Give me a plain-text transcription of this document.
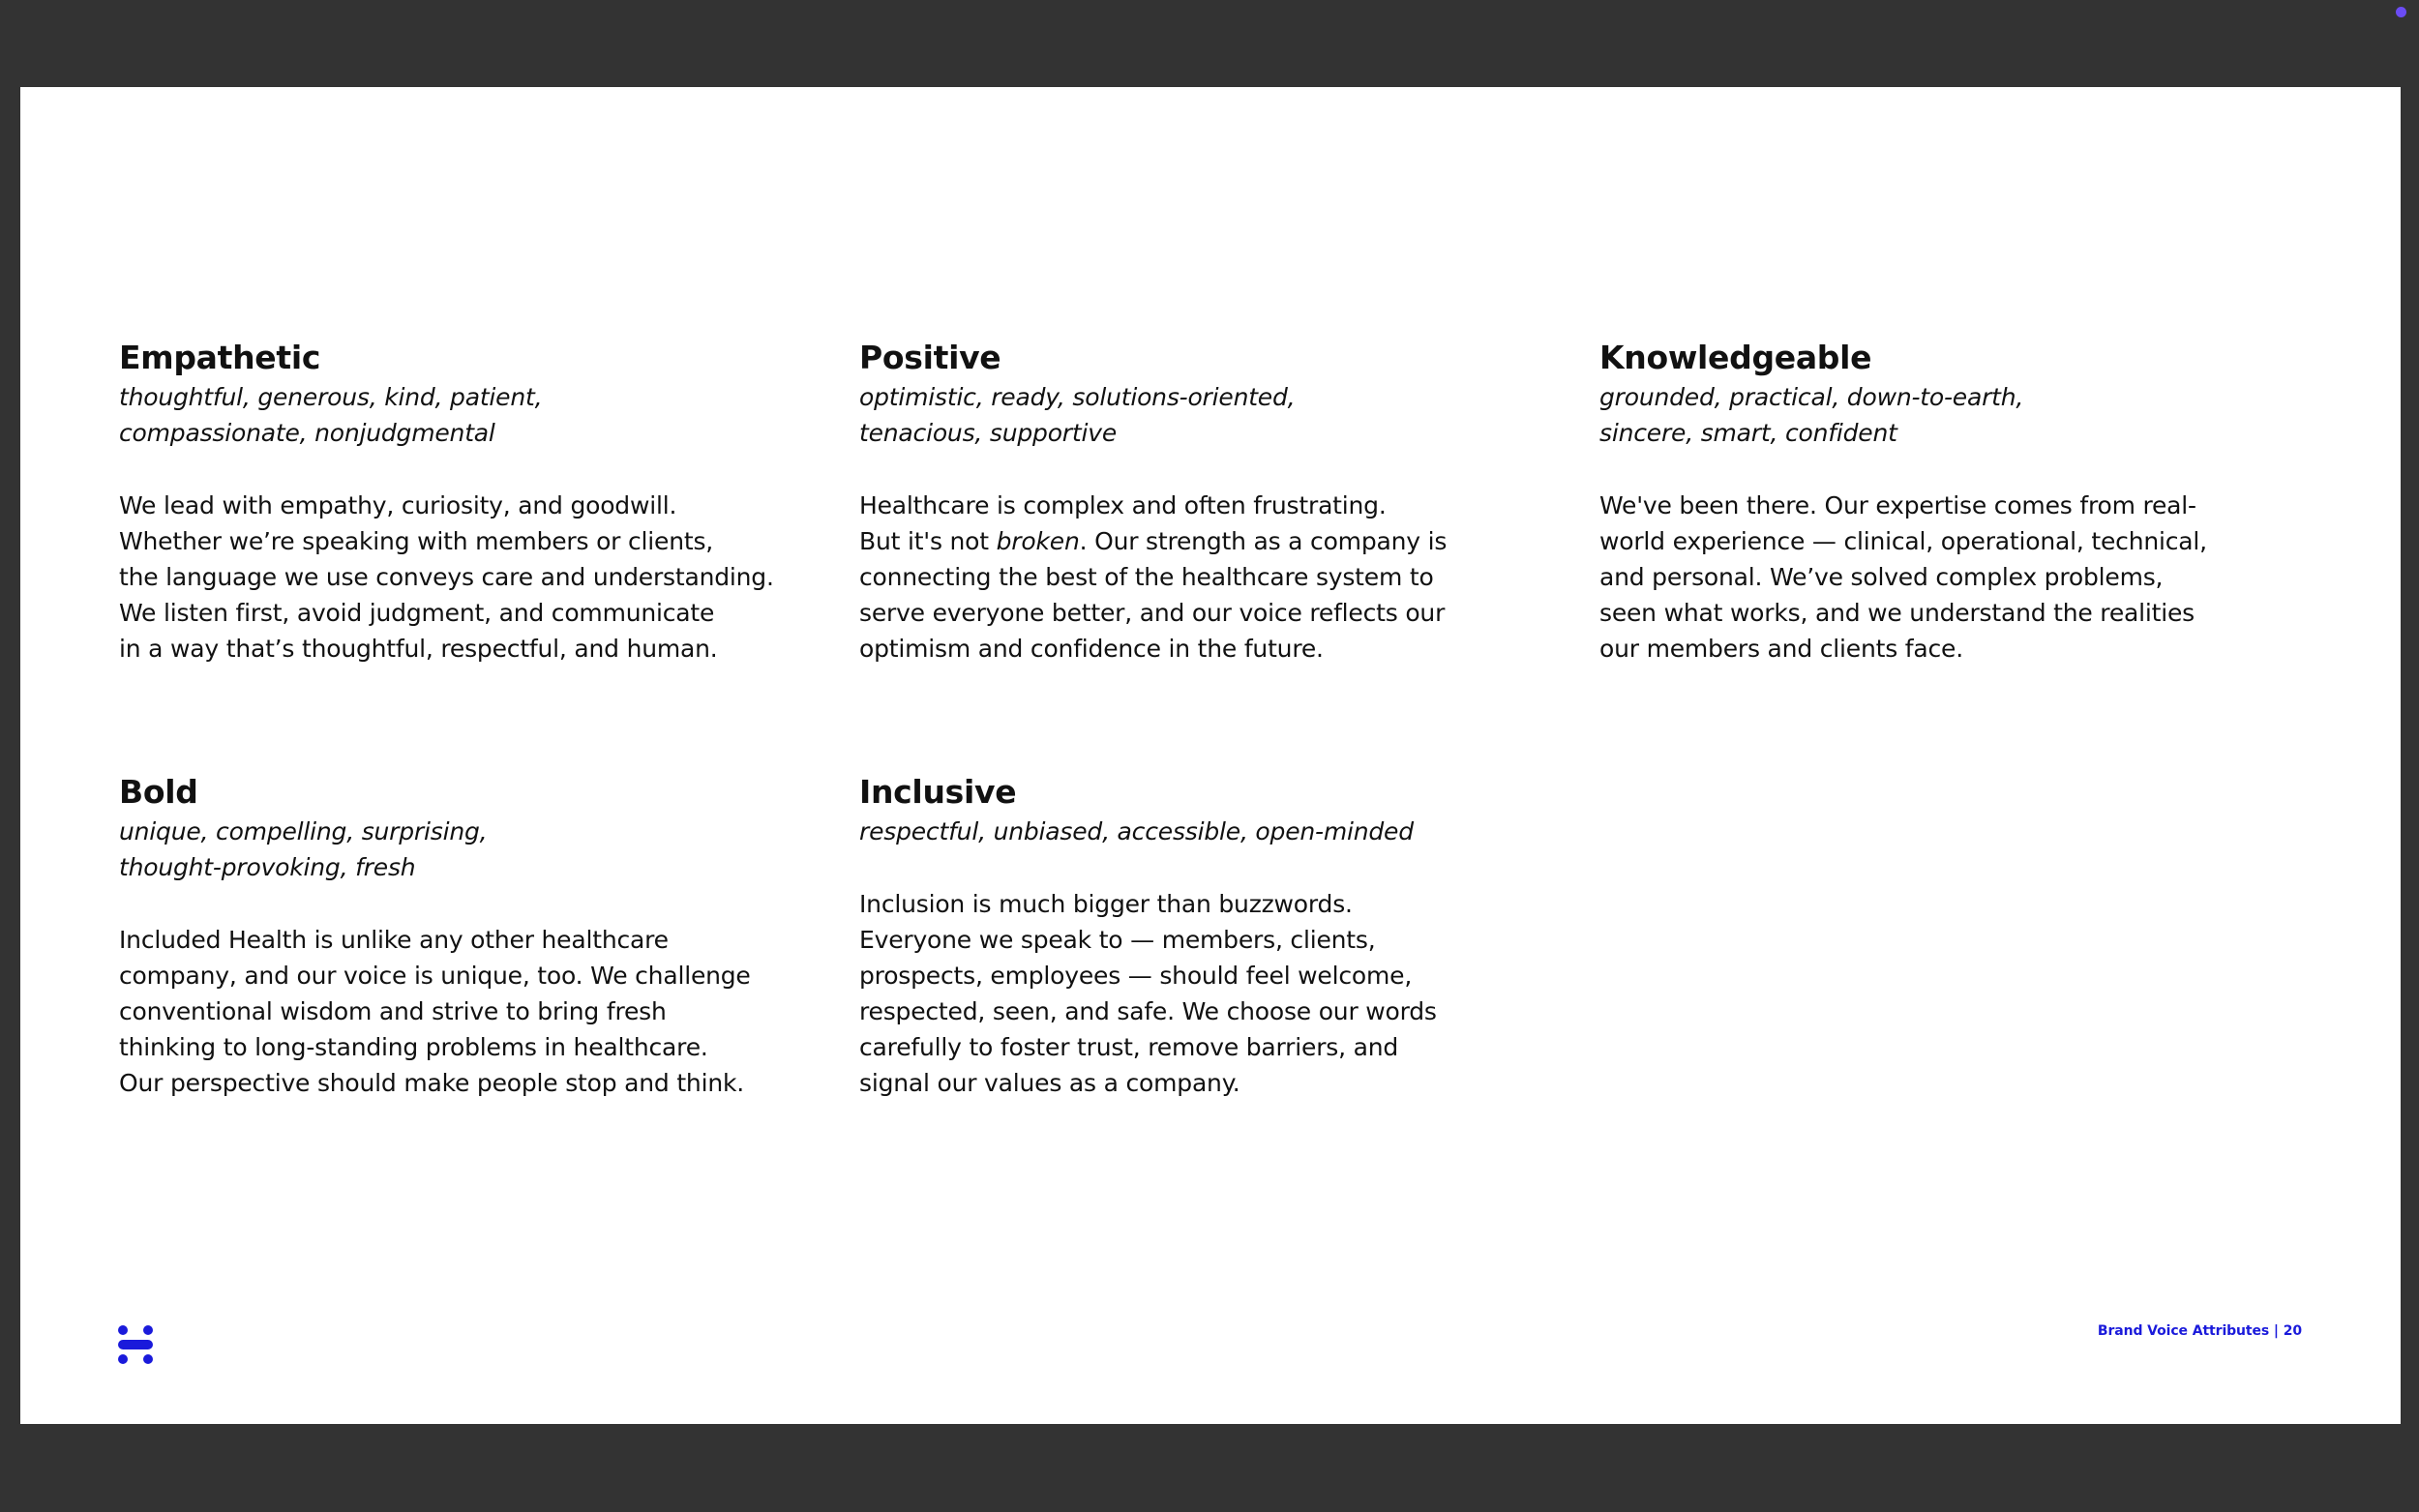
Empathetic

thoughtful, generous, kind, patient,
compassionate, nonjudgmental

We lead with empathy, curiosity, and goodwill.
Whether we’re speaking with members or clients,
the language we use conveys care and understanding.
We listen first, avoid judgment, and communicate
in a way that’s thoughtful, respectful, and human.

Positive

optimistic, ready, solutions-oriented,
tenacious, supportive

Healthcare is complex and often frustrating.
But it's not broken. Our strength as a company is
connecting the best of the healthcare system to
serve everyone better, and our voice reflects our
optimism and confidence in the future.

Knowledgeable

grounded, practical, down-to-earth,
sincere, smart, confident

We've been there. Our expertise comes from real-
world experience — clinical, operational, technical,
and personal. We’ve solved complex problems,
seen what works, and we understand the realities
our members and clients face.

Bold

unique, compelling, surprising,
thought-provoking, fresh

Included Health is unlike any other healthcare
company, and our voice is unique, too. We challenge
conventional wisdom and strive to bring fresh
thinking to long-standing problems in healthcare.
Our perspective should make people stop and think.

Inclusive

respectful, unbiased, accessible, open-minded

Inclusion is much bigger than buzzwords.
Everyone we speak to — members, clients,
prospects, employees — should feel welcome,
respected, seen, and safe. We choose our words
carefully to foster trust, remove barriers, and
signal our values as a company.

Brand Voice Attributes | 20
